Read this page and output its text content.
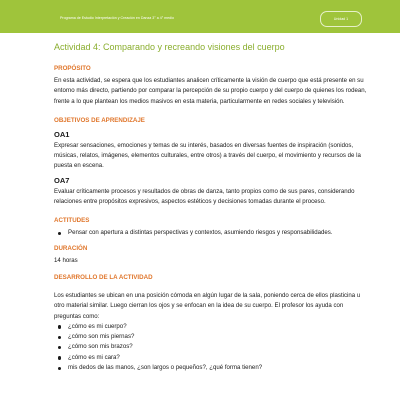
Programa de Estudio Interpretación y Creación en Danza 3° a 4° medio	Unidad 1
Actividad 4: Comparando y recreando visiones del cuerpo
PROPÓSITO
En esta actividad, se espera que los estudiantes analicen críticamente la visión de cuerpo que está presente en su entorno más directo, partiendo por comparar la percepción de su propio cuerpo y del cuerpo de quienes los rodean, frente a lo que plantean los medios masivos en esta materia, particularmente en redes sociales y televisión.
OBJETIVOS DE APRENDIZAJE
OA1
Expresar sensaciones, emociones y temas de su interés, basados en diversas fuentes de inspiración (sonidos, músicas, relatos, imágenes, elementos culturales, entre otros) a través del cuerpo, el movimiento y recursos de la puesta en escena.
OA7
Evaluar críticamente procesos y resultados de obras de danza, tanto propios como de sus pares, considerando relaciones entre propósitos expresivos, aspectos estéticos y decisiones tomadas durante el proceso.
ACTITUDES
Pensar con apertura a distintas perspectivas y contextos, asumiendo riesgos y responsabilidades.
DURACIÓN
14 horas
DESARROLLO DE LA ACTIVIDAD
Los estudiantes se ubican en una posición cómoda en algún lugar de la sala, poniendo cerca de ellos plasticina u otro material similar. Luego cierran los ojos y se enfocan en la idea de su cuerpo. El profesor los ayuda con preguntas como:
¿cómo es mi cuerpo?
¿cómo son mis piernas?
¿cómo son mis brazos?
¿cómo es mi cara?
mis dedos de las manos, ¿son largos o pequeños?, ¿qué forma tienen?
